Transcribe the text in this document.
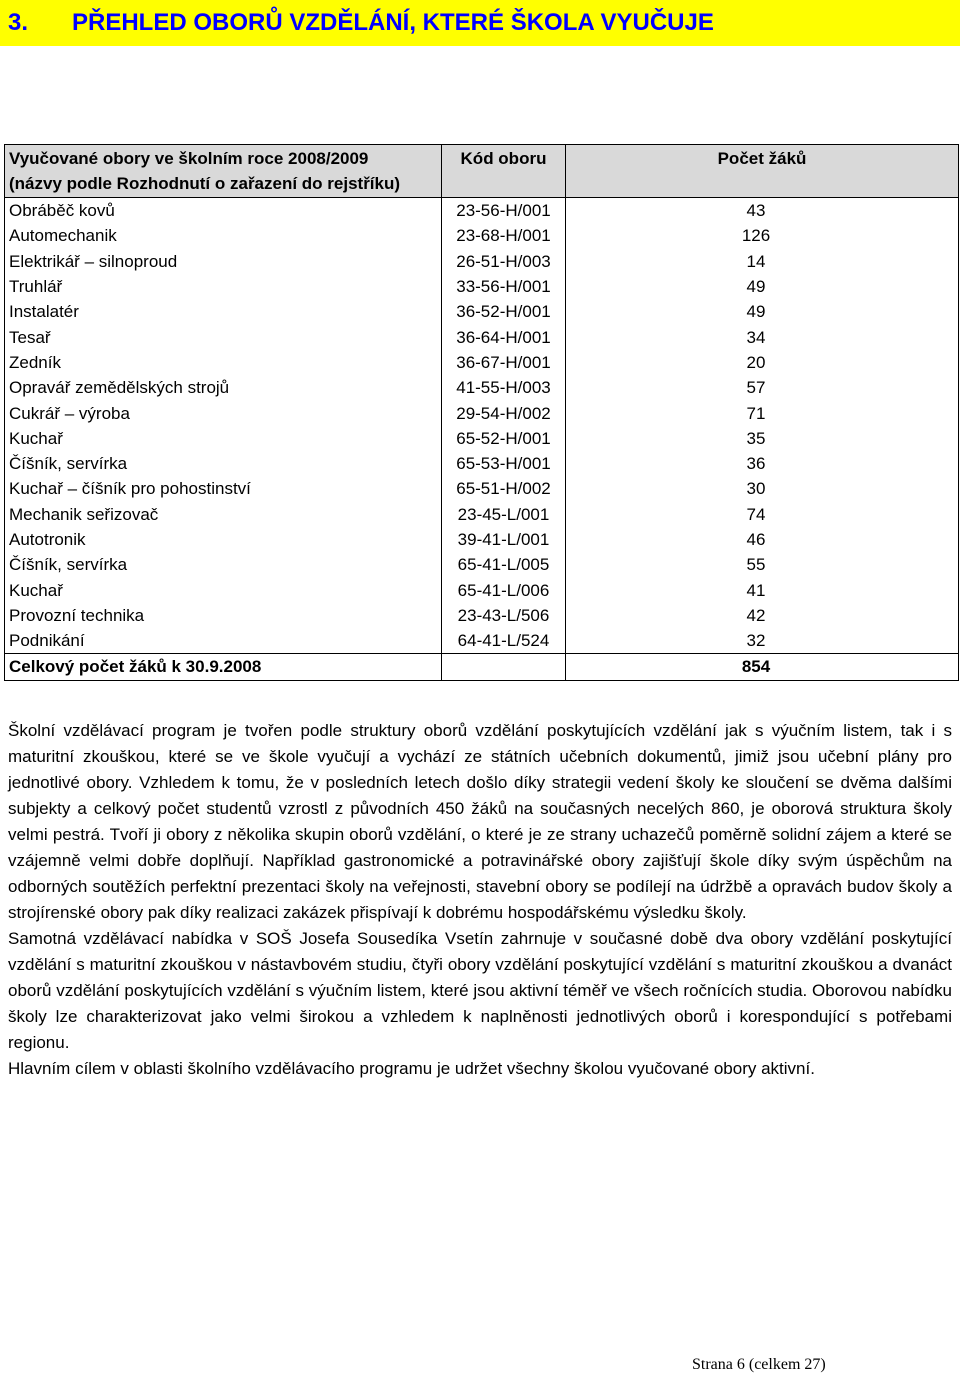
3. PŘEHLED OBORŮ VZDĚLÁNÍ, KTERÉ ŠKOLA VYUČUJE
Vyučované obory ve školním roce 2008/2009
(názvy podle Rozhodnutí o zařazení do rejstříku)	Kód oboru	Počet žáků
Obráběč kovů	23-56-H/001	43
Automechanik	23-68-H/001	126
Elektrikář – silnoproud	26-51-H/003	14
Truhlář	33-56-H/001	49
Instalatér	36-52-H/001	49
Tesař	36-64-H/001	34
Zedník	36-67-H/001	20
Opravář zemědělských strojů	41-55-H/003	57
Cukrář – výroba	29-54-H/002	71
Kuchař	65-52-H/001	35
Číšník, servírka	65-53-H/001	36
Kuchař – číšník pro pohostinství	65-51-H/002	30
Mechanik seřizovač	23-45-L/001	74
Autotronik	39-41-L/001	46
Číšník, servírka	65-41-L/005	55
Kuchař	65-41-L/006	41
Provozní technika	23-43-L/506	42
Podnikání	64-41-L/524	32
Celkový počet žáků k 30.9.2008		854

Školní vzdělávací program je tvořen podle struktury oborů vzdělání poskytujících vzdělání jak s výučním listem, tak i s maturitní zkouškou, které se ve škole vyučují a vychází ze státních učebních dokumentů, jimiž jsou učební plány pro jednotlivé obory. Vzhledem k tomu, že v posledních letech došlo díky strategii vedení školy ke sloučení se dvěma dalšími subjekty a celkový počet studentů vzrostl z původních 450 žáků na současných necelých 860, je oborová struktura školy velmi pestrá. Tvoří ji obory z několika skupin oborů vzdělání, o které je ze strany uchazečů poměrně solidní zájem a které se vzájemně velmi dobře doplňují. Například gastronomické a potravinářské obory zajišťují škole díky svým úspěchům na odborných soutěžích perfektní prezentaci školy na veřejnosti, stavební obory se podílejí na údržbě a opravách budov školy a strojírenské obory pak díky realizaci zakázek přispívají k dobrému hospodářskému výsledku školy.

Samotná vzdělávací nabídka v SOŠ Josefa Sousedíka Vsetín zahrnuje v současné době dva obory vzdělání poskytující vzdělání s maturitní zkouškou v nástavbovém studiu, čtyři obory vzdělání poskytující vzdělání s maturitní zkouškou a dvanáct oborů vzdělání poskytujících vzdělání s výučním listem, které jsou aktivní téměř ve všech ročnících studia. Oborovou nabídku školy lze charakterizovat jako velmi širokou a vzhledem k naplněnosti jednotlivých oborů i korespondující s potřebami regionu.

Hlavním cílem v oblasti školního vzdělávacího programu je udržet všechny školou vyučované obory aktivní.

Strana 6 (celkem 27)
